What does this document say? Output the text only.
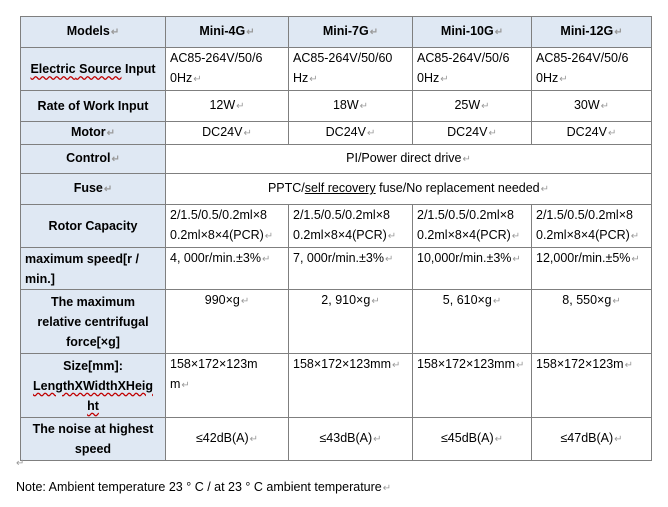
Models↵	Mini-4G↵	Mini-7G↵	Mini-10G↵	Mini-12G↵
Electric Source Input	AC85-264V/50/6
0Hz↵	AC85-264V/50/60
Hz↵	AC85-264V/50/6
0Hz↵	AC85-264V/50/6
0Hz↵
Rate of Work Input	12W↵	18W↵	25W↵	30W↵
Motor↵	DC24V↵	DC24V↵	DC24V↵	DC24V↵
Control↵	PI/Power direct drive↵			
Fuse↵	PPTC/self recovery fuse/No replacement needed↵			
Rotor Capacity	2/1.5/0.5/0.2ml×8
0.2ml×8×4(PCR)↵	2/1.5/0.5/0.2ml×8
0.2ml×8×4(PCR)↵	2/1.5/0.5/0.2ml×8
0.2ml×8×4(PCR)↵	2/1.5/0.5/0.2ml×8
0.2ml×8×4(PCR)↵
maximum speed[r /
min.]	4, 000r/min.±3%↵	7, 000r/min.±3%↵	10,000r/min.±3%↵	12,000r/min.±5%↵
The maximum
relative centrifugal
force[×g]	990×g↵	2, 910×g↵	5, 610×g↵	8, 550×g↵
Size[mm]:
LengthXWidthXHeig
ht	158×172×123m
m↵	158×172×123mm↵	158×172×123mm↵	158×172×123m↵
The noise at highest
speed	≤42dB(A)↵	≤43dB(A)↵	≤45dB(A)↵	≤47dB(A)↵
↵
Note: Ambient temperature 23 ° C / at 23 ° C ambient temperature↵
